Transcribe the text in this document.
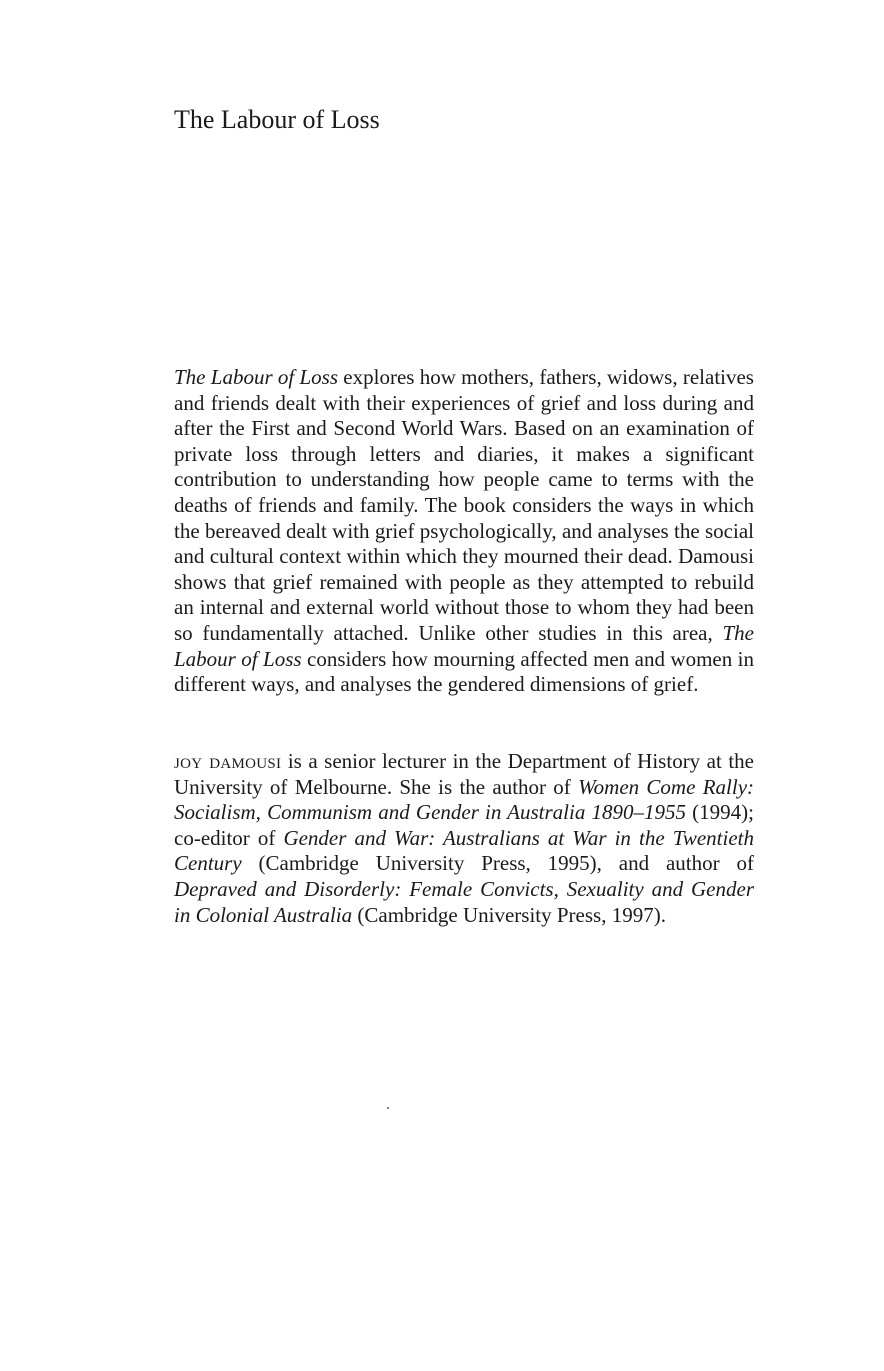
The Labour of Loss

The Labour of Loss explores how mothers, fathers, widows, relatives and friends dealt with their experiences of grief and loss during and after the First and Second World Wars. Based on an examination of private loss through letters and diaries, it makes a significant contribution to understanding how people came to terms with the deaths of friends and family. The book considers the ways in which the bereaved dealt with grief psychologically, and analyses the social and cultural context within which they mourned their dead. Damousi shows that grief remained with people as they attempted to rebuild an internal and external world without those to whom they had been so fundamentally attached. Unlike other studies in this area, The Labour of Loss considers how mourning affected men and women in different ways, and analyses the gendered dimensions of grief.

joy damousi is a senior lecturer in the Department of History at the University of Melbourne. She is the author of Women Come Rally: Socialism, Communism and Gender in Australia 1890–1955 (1994); co-editor of Gender and War: Australians at War in the Twentieth Century (Cambridge University Press, 1995), and author of Depraved and Disorderly: Female Convicts, Sexuality and Gender in Colonial Australia (Cambridge University Press, 1997).
